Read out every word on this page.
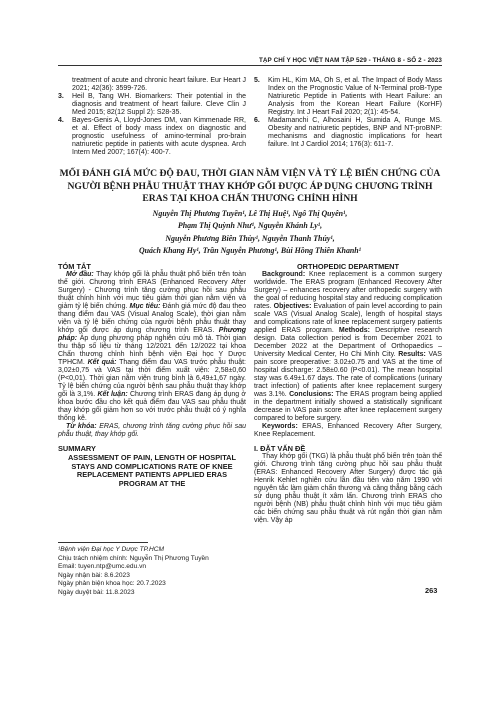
TẠP CHÍ Y HỌC VIỆT NAM TẬP 529 - THÁNG 8 - SỐ 2 - 2023
treatment of acute and chronic heart failure. Eur Heart J 2021; 42(36): 3599-726.
3.	Heil B, Tang WH. Biomarkers: Their potential in the diagnosis and treatment of heart failure. Cleve Clin J Med 2015; 82(12 Suppl 2): S28-35.
4.	Bayes-Genis A, Lloyd-Jones DM, van Kimmenade RR, et al. Effect of body mass index on diagnostic and prognostic usefulness of amino-terminal pro-brain natriuretic peptide in patients with acute dyspnea. Arch Intern Med 2007; 167(4): 400-7.
5.	Kim HL, Kim MA, Oh S, et al. The Impact of Body Mass Index on the Prognostic Value of N-Terminal proB-Type Natriuretic Peptide in Patients with Heart Failure: an Analysis from the Korean Heart Failure (KorHF) Registry. Int J Heart Fail 2020; 2(1): 45-54.
6.	Madamanchi C, Alhosaini H, Sumida A, Runge MS. Obesity and natriuretic peptides, BNP and NT-proBNP: mechanisms and diagnostic implications for heart failure. Int J Cardiol 2014; 176(3): 611-7.
MỐI ĐÁNH GIÁ MỨC ĐỘ ĐAU, THỜI GIAN NẰM VIỆN VÀ TỶ LỆ BIẾN CHỨNG CỦA NGƯỜI BỆNH PHẪU THUẬT THAY KHỚP GỐI ĐƯỢC ÁP DỤNG CHƯƠNG TRÌNH ERAS TẠI KHOA CHẤN THƯƠNG CHỈNH HÌNH
Nguyễn Thị Phương Tuyền¹, Lê Thị Huệ¹, Ngô Thị Quyên¹,
Phạm Thị Quỳnh Như¹, Nguyễn Khánh Ly¹,
Nguyễn Phương Biên Thùy¹, Nguyễn Thanh Thúy¹,
Quách Khang Hy¹, Trần Nguyễn Phương¹, Bùi Hồng Thiên Khanh¹
TÓM TẮT

Mở đầu: Thay khớp gối là phẫu thuật phổ biến trên toàn thế giới. Chương trình ERAS (Enhanced Recovery After Surgery) - Chương trình tăng cường phục hồi sau phẫu thuật chính hình với mục tiêu giảm thời gian nằm viện và giảm tỷ lệ biến chứng. Mục tiêu: Đánh giá mức độ đau theo thang điểm đau VAS (Visual Analog Scale), thời gian nằm viện và tỷ lệ biến chứng của người bệnh phẫu thuật thay khớp gối được áp dụng chương trình ERAS. Phương pháp: Áp dụng phương pháp nghiên cứu mô tả. Thời gian thu thập số liệu từ tháng 12/2021 đến 12/2022 tại khoa Chấn thương chỉnh hình bệnh viện Đại học Y Dược TPHCM. Kết quả: Thang điểm đau VAS trước phẫu thuật: 3,02±0,75 và VAS tại thời điểm xuất viện: 2,58±0,60 (P<0,01). Thời gian nằm viện trung bình là 6,49±1,67 ngày. Tỷ lệ biến chứng của người bệnh sau phẫu thuật thay khớp gối là 3,1%. Kết luận: Chương trình ERAS đang áp dụng ở khoa bước đầu cho kết quả điểm đau VAS sau phẫu thuật thay khớp gối giảm hơn so với trước phẫu thuật có ý nghĩa thống kê.

Từ khóa: ERAS, chương trình tăng cường phục hồi sau phẫu thuật, thay khớp gối.

SUMMARY
ASSESSMENT OF PAIN, LENGTH OF HOSPITAL STAYS AND COMPLICATIONS RATE OF KNEE REPLACEMENT PATIENTS APPLIED ERAS PROGRAM AT THE
¹Bệnh viện Đại học Y Dược TP.HCM
Chịu trách nhiệm chính: Nguyễn Thị Phương Tuyền
Email: tuyen.ntp@umc.edu.vn
Ngày nhận bài: 8.6.2023
Ngày phản biện khoa học: 20.7.2023
Ngày duyệt bài: 11.8.2023
ORTHOPEDIC DEPARTMENT

Background: Knee replacement is a common surgery worldwide. The ERAS program (Enhanced Recovery After Surgery) – enhances recovery after orthopedic surgery with the goal of reducing hospital stay and reducing complication rates. Objectives: Evaluation of pain level according to pain scale VAS (Visual Analog Scale), length of hospital stays and complications rate of knee replacement surgery patients applied ERAS program. Methods: Descriptive research design. Data collection period is from December 2021 to December 2022 at the Department of Orthopaedics – University Medical Center, Ho Chi Minh City. Results: VAS pain score preoperative: 3.02±0.75 and VAS at the time of hospital discharge: 2.58±0.60 (P<0.01). The mean hospital stay was 6.49±1.67 days. The rate of complications (urinary tract infection) of patients after knee replacement surgery was 3.1%. Conclusions: The ERAS program being applied in the department initially showed a statistically significant decrease in VAS pain score after knee replacement surgery compared to before surgery.

Keywords: ERAS, Enhanced Recovery After Surgery, Knee Replacement.

I. ĐẶT VẤN ĐỀ

Thay khớp gối (TKG) là phẫu thuật phổ biến trên toàn thế giới. Chương trình tăng cường phục hồi sau phẫu thuật (ERAS: Enhanced Recovery After Surgery) được tác giả Henrik Kehlet nghiên cứu lần đầu tiên vào năm 1990 với nguyên tắc làm giảm chấn thương và căng thẳng bằng cách sử dụng phẫu thuật ít xâm lấn. Chương trình ERAS cho người bệnh (NB) phẫu thuật chỉnh hình với mục tiêu giảm các biến chứng sau phẫu thuật và rút ngắn thời gian nằm viện. Vậy áp

263
